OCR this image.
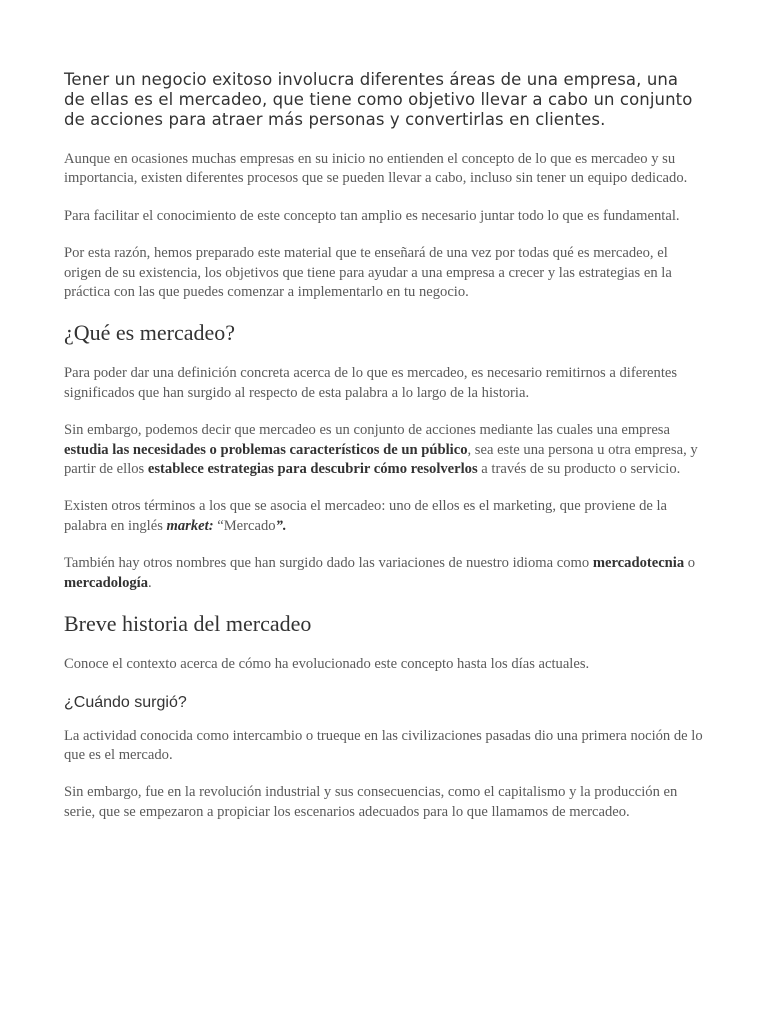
Tener un negocio exitoso involucra diferentes áreas de una empresa, una de ellas es el mercadeo, que tiene como objetivo llevar a cabo un conjunto de acciones para atraer más personas y convertirlas en clientes.

Aunque en ocasiones muchas empresas en su inicio no entienden el concepto de lo que es mercadeo y su importancia, existen diferentes procesos que se pueden llevar a cabo, incluso sin tener un equipo dedicado.

Para facilitar el conocimiento de este concepto tan amplio es necesario juntar todo lo que es fundamental.

Por esta razón, hemos preparado este material que te enseñará de una vez por todas qué es mercadeo, el origen de su existencia, los objetivos que tiene para ayudar a una empresa a crecer y las estrategias en la práctica con las que puedes comenzar a implementarlo en tu negocio.

¿Qué es mercadeo?

Para poder dar una definición concreta acerca de lo que es mercadeo, es necesario remitirnos a diferentes significados que han surgido al respecto de esta palabra a lo largo de la historia.

Sin embargo, podemos decir que mercadeo es un conjunto de acciones mediante las cuales una empresa estudia las necesidades o problemas característicos de un público, sea este una persona u otra empresa, y partir de ellos establece estrategias para descubrir cómo resolverlos a través de su producto o servicio.

Existen otros términos a los que se asocia el mercadeo: uno de ellos es el marketing, que proviene de la palabra en inglés market: “Mercado”.

También hay otros nombres que han surgido dado las variaciones de nuestro idioma como mercadotecnia o mercadología.

Breve historia del mercadeo

Conoce el contexto acerca de cómo ha evolucionado este concepto hasta los días actuales.

¿Cuándo surgió?

La actividad conocida como intercambio o trueque en las civilizaciones pasadas dio una primera noción de lo que es el mercado.

Sin embargo, fue en la revolución industrial y sus consecuencias, como el capitalismo y la producción en serie, que se empezaron a propiciar los escenarios adecuados para lo que llamamos de mercadeo.
